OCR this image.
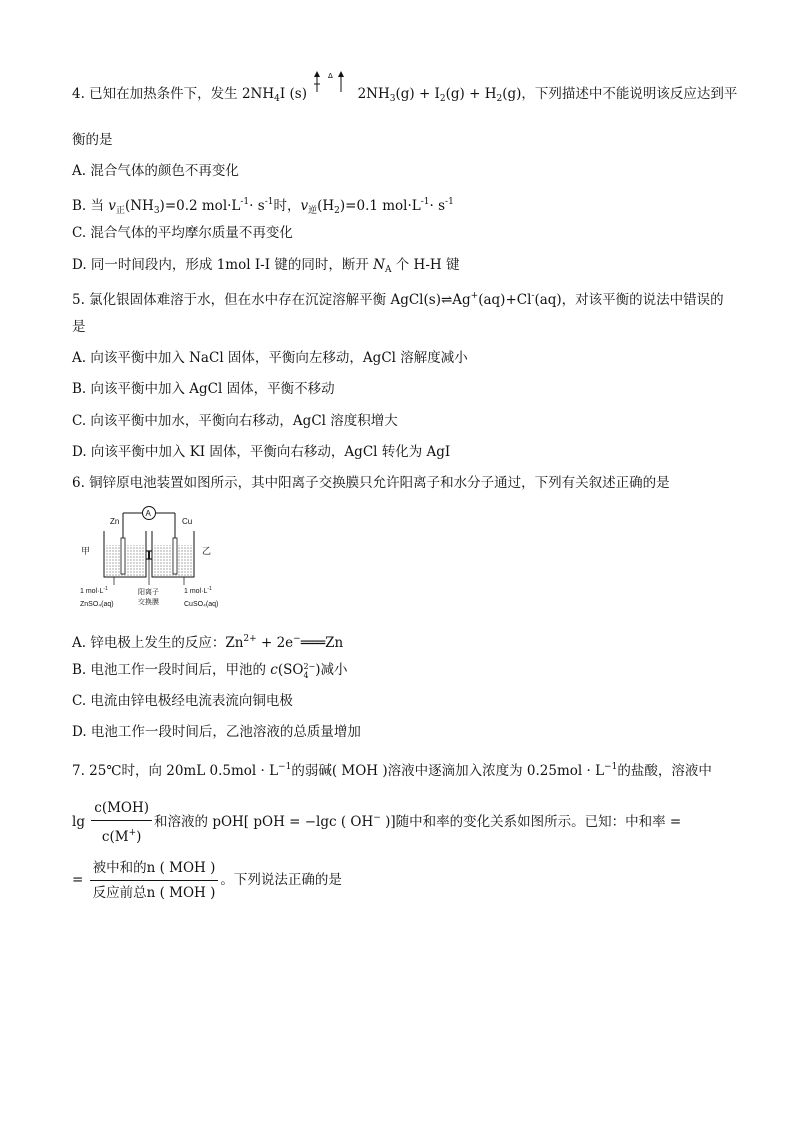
4. 已知在加热条件下，发生 $2NH_4I$ (s)
Δ
$2NH_3(g) + I_2(g) + H_2(g)$，下列描述中不能说明该反应达到平
衡的是
A. 混合气体的颜色不再变化
B. 当 $v_正(NH_3)=0.2$ $mol\cdot L^{-1}\cdot s^{-1}$时，$v_逆(H_2)=0.1$ $mol\cdot L^{-1}\cdot s^{-1}$
C. 混合气体的平均摩尔质量不再变化
D. 同一时间段内，形成 1mol I-I 键的同时，断开 $N_A$ 个 H-H 键
5. 氯化银固体难溶于水，但在水中存在沉淀溶解平衡 AgCl(s)⇌Ag+(aq)+Cl-(aq)，对该平衡的说法中错误的
是
A. 向该平衡中加入 NaCl 固体，平衡向左移动，AgCl 溶解度减小
B. 向该平衡中加入 AgCl 固体，平衡不移动
C. 向该平衡中加水，平衡向右移动，AgCl 溶度积增大
D. 向该平衡中加入 KI 固体，平衡向右移动，AgCl 转化为 AgI
6. 铜锌原电池装置如图所示，其中阳离子交换膜只允许阳离子和水分子通过，下列有关叙述正确的是
A
Zn	Cu
甲	乙
1 $mol\cdot L^{-1}$
ZnSO₄(aq)
阳离子
交换膜
1 $mol\cdot L^{-1}$
CuSO₄(aq)
A. 锌电极上发生的反应：$Zn^{2+}$ + 2e−═══Zn
B. 电池工作一段时间后，甲池的 c(SO 2−
4 )减小
C. 电流由锌电极经电流表流向铜电极
D. 电池工作一段时间后，乙池溶液的总质量增加
7. 25℃时，向 20mL $0.5mol \cdot L^{-1}$的弱碱( MOH )溶液中逐滴加入浓度为 $0.25mol \cdot L^{-1}$的盐酸，溶液中
$\lg \frac{\text{c(MOH)}}{c(M^+)}$ 和溶液的 pOH[ pOH = −lgc ( OH− )]随中和率的变化关系如图所示。已知：中和率 =
= $\frac{\text{被中和的n ( MOH )}}{\text{反应前总n ( MOH )}}$ 。下列说法正确的是
